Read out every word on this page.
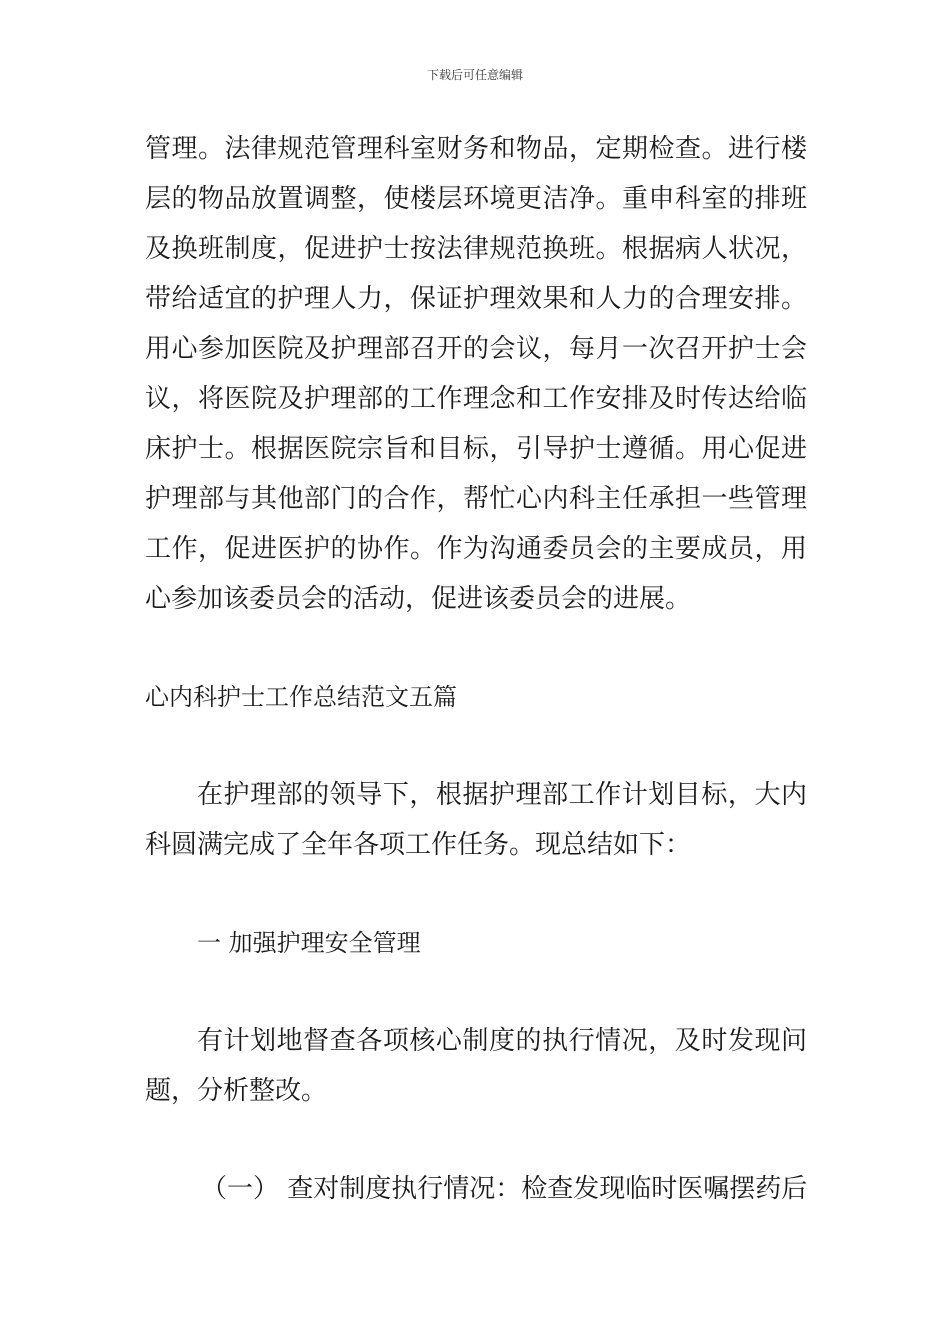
下载后可任意编辑

管理。法律规范管理科室财务和物品，定期检查。进行楼层的物品放置调整，使楼层环境更洁净。重申科室的排班及换班制度，促进护士按法律规范换班。根据病人状况，带给适宜的护理人力，保证护理效果和人力的合理安排。用心参加医院及护理部召开的会议，每月一次召开护士会议，将医院及护理部的工作理念和工作安排及时传达给临床护士。根据医院宗旨和目标，引导护士遵循。用心促进护理部与其他部门的合作，帮忙心内科主任承担一些管理工作，促进医护的协作。作为沟通委员会的主要成员，用心参加该委员会的活动，促进该委员会的进展。

心内科护士工作总结范文五篇

在护理部的领导下，根据护理部工作计划目标，大内科圆满完成了全年各项工作任务。现总结如下：

一 加强护理安全管理

有计划地督查各项核心制度的执行情况，及时发现问题，分析整改。

（一） 查对制度执行情况：检查发现临时医嘱摆药后
